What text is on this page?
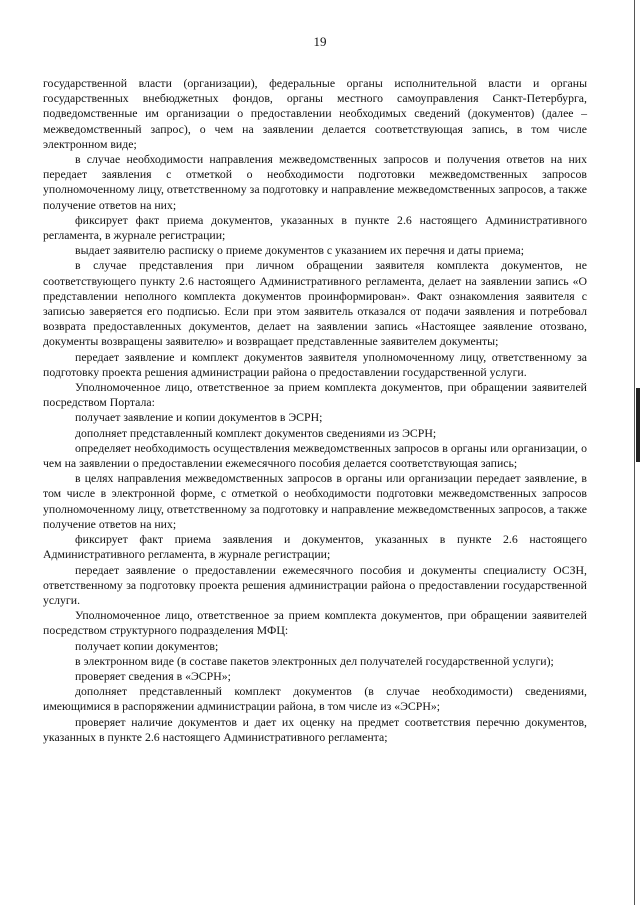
19

государственной власти (организации), федеральные органы исполнительной власти и органы государственных внебюджетных фондов, органы местного самоуправления Санкт-Петербурга, подведомственные им организации о предоставлении необходимых сведений (документов) (далее – межведомственный запрос), о чем на заявлении делается соответствующая запись, в том числе электронном виде;

в случае необходимости направления межведомственных запросов и получения ответов на них передает заявления с отметкой о необходимости подготовки межведомственных запросов уполномоченному лицу, ответственному за подготовку и направление межведомственных запросов, а также получение ответов на них;

фиксирует факт приема документов, указанных в пункте 2.6 настоящего Административного регламента, в журнале регистрации;

выдает заявителю расписку о приеме документов с указанием их перечня и даты приема;

в случае представления при личном обращении заявителя комплекта документов, не соответствующего пункту 2.6 настоящего Административного регламента, делает на заявлении запись «О представлении неполного комплекта документов проинформирован». Факт ознакомления заявителя с записью заверяется его подписью. Если при этом заявитель отказался от подачи заявления и потребовал возврата предоставленных документов, делает на заявлении запись «Настоящее заявление отозвано, документы возвращены заявителю» и возвращает представленные заявителем документы;

передает заявление и комплект документов заявителя уполномоченному лицу, ответственному за подготовку проекта решения администрации района о предоставлении государственной услуги.

Уполномоченное лицо, ответственное за прием комплекта документов, при обращении заявителей посредством Портала:

получает заявление и копии документов в ЭСРН;

дополняет представленный комплект документов сведениями из ЭСРН;

определяет необходимость осуществления межведомственных запросов в органы или организации, о чем на заявлении о предоставлении ежемесячного пособия делается соответствующая запись;

в целях направления межведомственных запросов в органы или организации передает заявление, в том числе в электронной форме, с отметкой о необходимости подготовки межведомственных запросов уполномоченному лицу, ответственному за подготовку и направление межведомственных запросов, а также получение ответов на них;

фиксирует факт приема заявления и документов, указанных в пункте 2.6 настоящего Административного регламента, в журнале регистрации;

передает заявление о предоставлении ежемесячного пособия и документы специалисту ОСЗН, ответственному за подготовку проекта решения администрации района о предоставлении государственной услуги.

Уполномоченное лицо, ответственное за прием комплекта документов, при обращении заявителей посредством структурного подразделения МФЦ:

получает копии документов;

в электронном виде (в составе пакетов электронных дел получателей государственной услуги);

проверяет сведения в «ЭСРН»;

дополняет представленный комплект документов (в случае необходимости) сведениями, имеющимися в распоряжении администрации района, в том числе из «ЭСРН»;

проверяет наличие документов и дает их оценку на предмет соответствия перечню документов, указанных в пункте 2.6 настоящего Административного регламента;
